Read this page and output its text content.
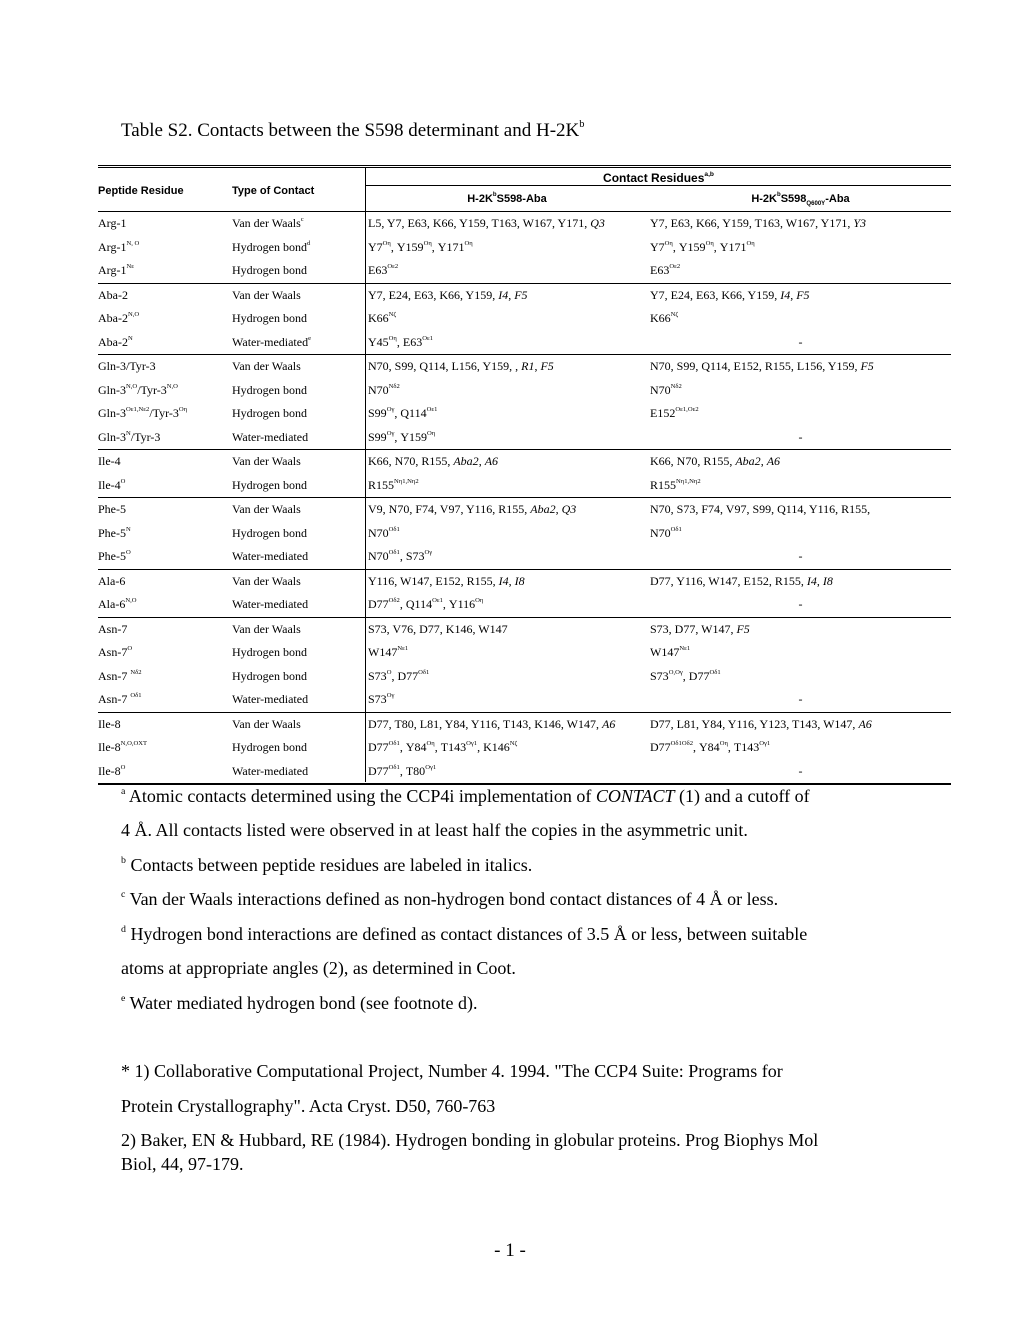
Table S2. Contacts between the S598 determinant and $H-2K^b$
Peptide Residue	Type of Contact
Contact Residues$^{a,b}$
$H-2K^bS598$-Aba	$H-2K^bS598_{Q600Y}$-Aba
Arg-1	Van der Waals$^c$	L5, Y7, E63, K66, Y159, T163, W167, Y171, Q3	Y7, E63, K66, Y159, T163, W167, Y171, Y3
Arg-$1^{N, O}$	Hydrogen bond$^d$	$Y7^{O\eta}$, $Y159^{O\eta}$, $Y171^{O\eta}$	$Y7^{O\eta}$, $Y159^{O\eta}$, $Y171^{O\eta}$
Arg-$1^{N\varepsilon}$	Hydrogen bond	$E63^{O\varepsilon 2}$	$E63^{O\varepsilon 2}$
Aba-2	Van der Waals	Y7, E24, E63, K66, Y159, I4, F5	Y7, E24, E63, K66, Y159, I4, F5
Aba-$2^{N,O}$	Hydrogen bond	$K66^{N\zeta}$	$K66^{N\zeta}$
Aba-$2^N$	Water-mediated$^e$	$Y45^{O\eta}$, $E63^{O\varepsilon 1}$	-
Gln-3/Tyr-3	Van der Waals	N70, S99, Q114, L156, Y159, , R1, F5	N70, S99, Q114, E152, R155, L156, Y159, F5
Gln-$3^{N,O}/Tyr-3^{N,O}$	Hydrogen bond	$N70^{N\delta 2}$	$N70^{N\delta 2}$
Gln-$3^{O\varepsilon 1,N\varepsilon 2}/Tyr-3^{O\eta}$	Hydrogen bond	$S99^{O\gamma}$, $Q114^{O\varepsilon 1}$	$E152^{O\varepsilon 1,O\varepsilon 2}$
Gln-$3^N/Tyr-3$	Water-mediated	$S99^{O\gamma}$, $Y159^{O\eta}$	-
Ile-4	Van der Waals	K66, N70, R155, Aba2, A6	K66, N70, R155, Aba2, A6
Ile-$4^O$	Hydrogen bond	$R155^{N\eta 1,N\eta 2}$	$R155^{N\eta 1,N\eta 2}$
Phe-5	Van der Waals	V9, N70, F74, V97, Y116, R155, Aba2, Q3	N70, S73, F74, V97, S99, Q114, Y116, R155,
Phe-$5^N$	Hydrogen bond	$N70^{O\delta 1}$	$N70^{O\delta 1}$
Phe-$5^O$	Water-mediated	$N70^{O\delta 1}$, $S73^{O\gamma}$	-
Ala-6	Van der Waals	Y116, W147, E152, R155, I4, I8	D77, Y116, W147, E152, R155, I4, I8
Ala-$6^{N,O}$	Water-mediated	$D77^{O\delta 2}$, $Q114^{O\varepsilon 1}$, $Y116^{O\eta}$	-
Asn-7	Van der Waals	S73, V76, D77, K146, W147	S73, D77, W147, F5
Asn-$7^O$	Hydrogen bond	$W147^{N\varepsilon 1}$	$W147^{N\varepsilon 1}$
Asn-7 $^{N\delta 2}$	Hydrogen bond	$S73^O$, $D77^{O\delta 1}$	$S73^{O,O\gamma}$, $D77^{O\delta 1}$
Asn-7 $^{O\delta 1}$	Water-mediated	$S73^{O\gamma}$	-
Ile-8	Van der Waals	D77, T80, L81, Y84, Y116, T143, K146, W147, A6	D77, L81, Y84, Y116, Y123, T143, W147, A6
Ile-$8^{N,O,OXT}$	Hydrogen bond	$D77^{O\delta 1}$, $Y84^{O\eta}$, $T143^{O\gamma 1}$, $K146^{N\zeta}$	$D77^{O\delta 1O\delta 2}$, $Y84^{O\eta}$, $T143^{O\gamma 1}$
Ile-$8^O$	Water-mediated	$D77^{O\delta 1}$, $T80^{O\gamma 1}$	-
$^a$ Atomic contacts determined using the CCP4i implementation of CONTACT (1) and a cutoff of
4 Å. All contacts listed were observed in at least half the copies in the asymmetric unit.
$^b$ Contacts between peptide residues are labeled in italics.
$^c$ Van der Waals interactions defined as non-hydrogen bond contact distances of 4 Å or less.
$^d$ Hydrogen bond interactions are defined as contact distances of 3.5 Å or less, between suitable
atoms at appropriate angles (2), as determined in Coot.
$^e$ Water mediated hydrogen bond (see footnote d).
* 1) Collaborative Computational Project, Number 4. 1994. "The CCP4 Suite: Programs for
Protein Crystallography". Acta Cryst. D50, 760-763
2) Baker, EN & Hubbard, RE (1984). Hydrogen bonding in globular proteins. Prog Biophys Mol
Biol, 44, 97-179.
- 1 -
